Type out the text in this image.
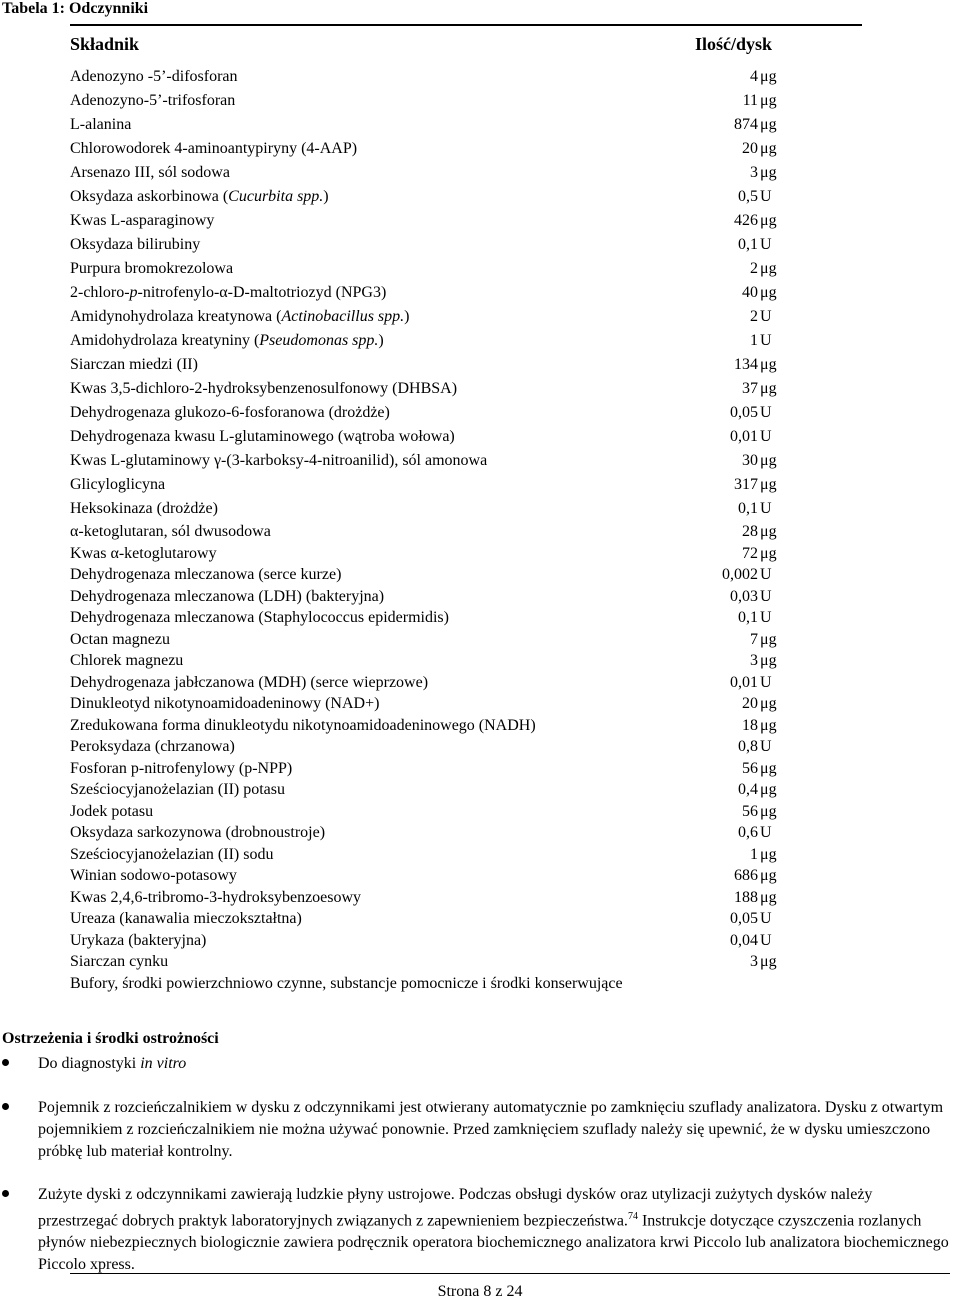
Tabela 1: Odczynniki
Składnik	Ilość/dysk
Adenozyno -5’-difosforan	4 μg
Adenozyno-5’-trifosforan	11 μg
L-alanina	874 μg
Chlorowodorek 4-aminoantypiryny (4-AAP)	20 μg
Arsenazo III, sól sodowa	3 μg
Oksydaza askorbinowa (Cucurbita spp.)	0,5 U
Kwas L-asparaginowy	426 μg
Oksydaza bilirubiny	0,1 U
Purpura bromokrezolowa	2 μg
2-chloro-p-nitrofenylo-α-D-maltotriozyd (NPG3)	40 μg
Amidynohydrolaza kreatynowa (Actinobacillus spp.)	2 U
Amidohydrolaza kreatyniny (Pseudomonas spp.)	1 U
Siarczan miedzi (II)	134 μg
Kwas 3,5-dichloro-2-hydroksybenzenosulfonowy (DHBSA)	37 μg
Dehydrogenaza glukozo-6-fosforanowa (drożdże)	0,05 U
Dehydrogenaza kwasu L-glutaminowego (wątroba wołowa)	0,01 U
Kwas L-glutaminowy γ-(3-karboksy-4-nitroanilid), sól amonowa	30 μg
Glicyloglicyna	317 μg
Heksokinaza (drożdże)	0,1 U
α-ketoglutaran, sól dwusodowa	28 μg
Kwas α-ketoglutarowy	72 μg
Dehydrogenaza mleczanowa (serce kurze)	0,002 U
Dehydrogenaza mleczanowa (LDH) (bakteryjna)	0,03 U
Dehydrogenaza mleczanowa (Staphylococcus epidermidis)	0,1 U
Octan magnezu	7 μg
Chlorek magnezu	3 μg
Dehydrogenaza jabłczanowa (MDH) (serce wieprzowe)	0,01 U
Dinukleotyd nikotynoamidoadeninowy (NAD+)	20 μg
Zredukowana forma dinukleotydu nikotynoamidoadeninowego (NADH)	18 μg
Peroksydaza (chrzanowa)	0,8 U
Fosforan p-nitrofenylowy (p-NPP)	56 μg
Sześciocyjanożelazian (II) potasu	0,4 μg
Jodek potasu	56 μg
Oksydaza sarkozynowa (drobnoustroje)	0,6 U
Sześciocyjanożelazian (II) sodu	1 μg
Winian sodowo-potasowy	686 μg
Kwas 2,4,6-tribromo-3-hydroksybenzoesowy	188 μg
Ureaza (kanawalia mieczokształtna)	0,05 U
Urykaza (bakteryjna)	0,04 U
Siarczan cynku	3 μg
Bufory, środki powierzchniowo czynne, substancje pomocnicze i środki konserwujące
Ostrzeżenia i środki ostrożności
Do diagnostyki in vitro
Pojemnik z rozcieńczalnikiem w dysku z odczynnikami jest otwierany automatycznie po zamknięciu szuflady analizatora. Dysku z otwartym pojemnikiem z rozcieńczalnikiem nie można używać ponownie. Przed zamknięciem szuflady należy się upewnić, że w dysku umieszczono próbkę lub materiał kontrolny.
Zużyte dyski z odczynnikami zawierają ludzkie płyny ustrojowe. Podczas obsługi dysków oraz utylizacji zużytych dysków należy przestrzegać dobrych praktyk laboratoryjnych związanych z zapewnieniem bezpieczeństwa.$^{74}$ Instrukcje dotyczące czyszczenia rozlanych płynów niebezpiecznych biologicznie zawiera podręcznik operatora biochemicznego analizatora krwi Piccolo lub analizatora biochemicznego Piccolo xpress.
Strona 8 z 24
